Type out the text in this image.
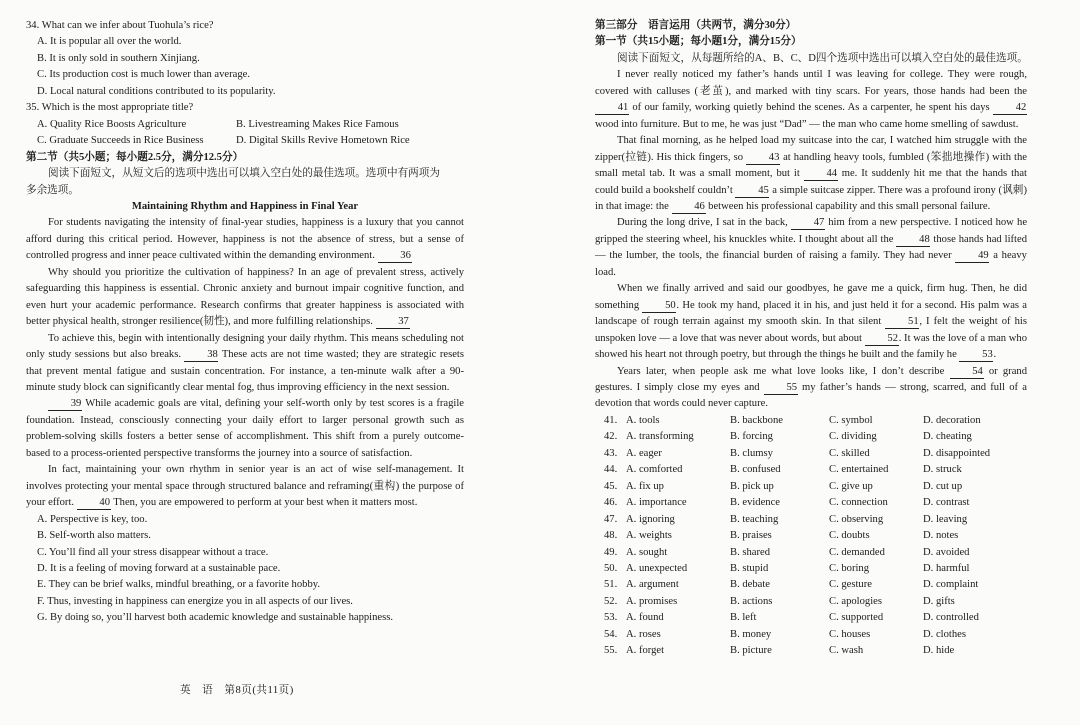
34. What can we infer about Tuohula’s rice?
A. It is popular all over the world.
B. It is only sold in southern Xinjiang.
C. Its production cost is much lower than average.
D. Local natural conditions contributed to its popularity.
35. Which is the most appropriate title?
A. Quality Rice Boosts Agriculture	B. Livestreaming Makes Rice Famous
C. Graduate Succeeds in Rice Business	D. Digital Skills Revive Hometown Rice
第二节（共5小题；每小题2.5分，满分12.5分）
阅读下面短文，从短文后的选项中选出可以填入空白处的最佳选项。选项中有两项为
多余选项。
Maintaining Rhythm and Happiness in Final Year

For students navigating the intensity of final-year studies, happiness is a luxury that you cannot afford during this critical period. However, happiness is not the absence of stress, but a sense of controlled progress and inner peace cultivated within the demanding environment. 36

Why should you prioritize the cultivation of happiness? In an age of prevalent stress, actively safeguarding this happiness is essential. Chronic anxiety and burnout impair cognitive function, and even hurt your academic performance. Research confirms that greater happiness is associated with better physical health, stronger resilience(韧性), and more fulfilling relationships. 37

To achieve this, begin with intentionally designing your daily rhythm. This means scheduling not only study sessions but also breaks. 38 These acts are not time wasted; they are strategic resets that prevent mental fatigue and sustain concentration. For instance, a ten-minute walk after a 90-minute study block can significantly clear mental fog, thus improving efficiency in the next session.

39 While academic goals are vital, defining your self-worth only by test scores is a fragile foundation. Instead, consciously connecting your daily effort to larger personal growth such as problem-solving skills fosters a better sense of accomplishment. This shift from a purely outcome-based to a process-oriented perspective transforms the journey into a source of satisfaction.

In fact, maintaining your own rhythm in senior year is an act of wise self-management. It involves protecting your mental space through structured balance and reframing(重构) the purpose of your effort. 40 Then, you are empowered to perform at your best when it matters most.

A. Perspective is key, too.
B. Self-worth also matters.
C. You’ll find all your stress disappear without a trace.
D. It is a feeling of moving forward at a sustainable pace.
E. They can be brief walks, mindful breathing, or a favorite hobby.
F. Thus, investing in happiness can energize you in all aspects of our lives.
G. By doing so, you’ll harvest both academic knowledge and sustainable happiness.
第三部分　语言运用（共两节，满分30分）
第一节（共15小题；每小题1分，满分15分）
阅读下面短文，从每题所给的A、B、C、D四个选项中选出可以填入空白处的最佳选项。

I never really noticed my father’s hands until I was leaving for college. They were rough, covered with calluses (老茧), and marked with tiny scars. For years, those hands had been the 41 of our family, working quietly behind the scenes. As a carpenter, he spent his days 42 wood into furniture. But to me, he was just “Dad” — the man who came home smelling of sawdust.

That final morning, as he helped load my suitcase into the car, I watched him struggle with the zipper(拉链). His thick fingers, so 43 at handling heavy tools, fumbled (笨拙地操作) with the small metal tab. It was a small moment, but it	44 me. It suddenly hit me that the hands that could build a bookshelf couldn’t 45 a simple suitcase zipper. There was a profound irony (讽刺) in that image: the 46 between his professional capability and this small personal failure.

During the long drive, I sat in the back, 47 him from a new perspective. I noticed how he gripped the steering wheel, his knuckles white. I thought about all the 48 those hands had lifted — the lumber, the tools, the financial burden of raising a family. They had never 49 a heavy load.

When we finally arrived and said our goodbyes, he gave me a quick, firm hug. Then, he did something 50. He took my hand, placed it in his, and just held it for a second. His palm was a landscape of rough terrain against my smooth skin. In that silent	51, I felt the weight of his unspoken love — a love that was never about words, but about 52. It was the love of a man who showed his heart not through poetry, but through the things he built and the family he 53.

Years later, when people ask me what love looks like, I don’t describe	54 or grand gestures. I simply close my eyes and	55 my father’s hands — strong, scarred, and full of a devotion that words could never capture.

41.	A. tools	B. backbone	C. symbol	D. decoration
42.	A. transforming	B. forcing	C. dividing	D. cheating
43.	A. eager	B. clumsy	C. skilled	D. disappointed
44.	A. comforted	B. confused	C. entertained	D. struck
45.	A. fix up	B. pick up	C. give up	D. cut up
46.	A. importance	B. evidence	C. connection	D. contrast
47.	A. ignoring	B. teaching	C. observing	D. leaving
48.	A. weights	B. praises	C. doubts	D. notes
49.	A. sought	B. shared	C. demanded	D. avoided
50.	A. unexpected	B. stupid	C. boring	D. harmful
51.	A. argument	B. debate	C. gesture	D. complaint
52.	A. promises	B. actions	C. apologies	D. gifts
53.	A. found	B. left	C. supported	D. controlled
54.	A. roses	B. money	C. houses	D. clothes
55.	A. forget	B. picture	C. wash	D. hide
英　语　第8页(共11页)
